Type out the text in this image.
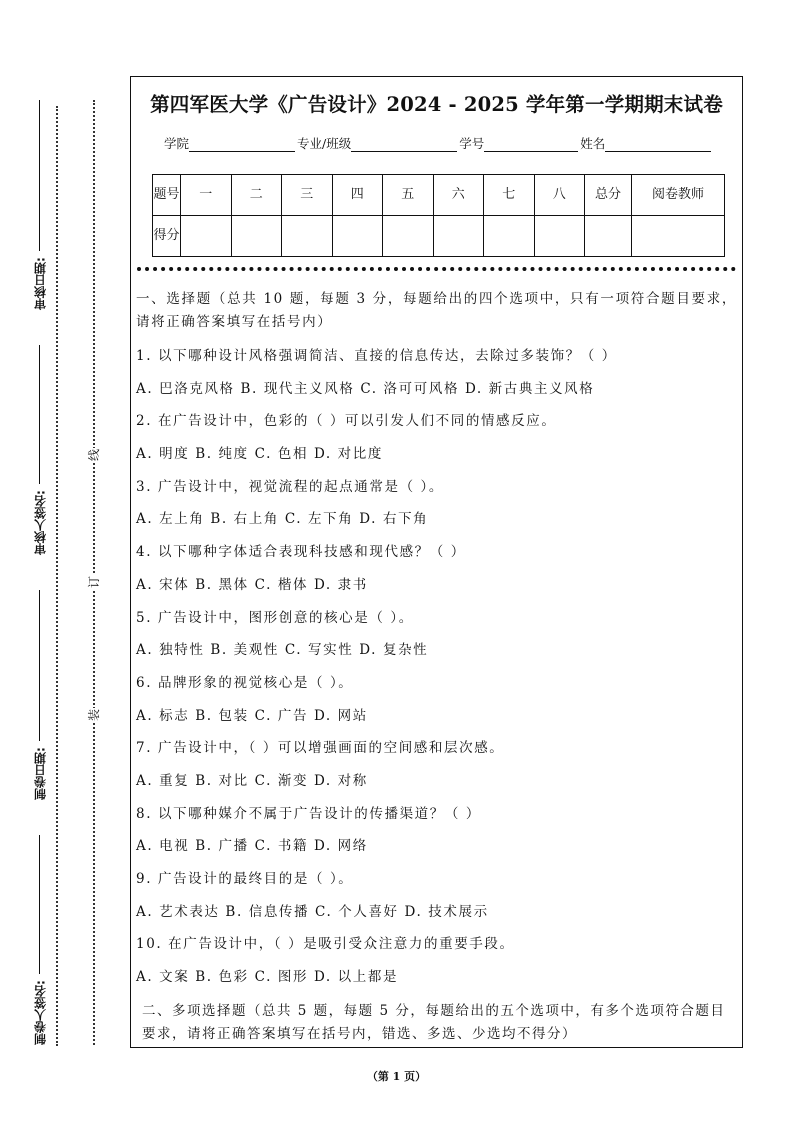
制卷人签名:
制卷日期:
审核人签名:
审核日期:
线
订
装
第四军医大学《广告设计》2024 - 2025 学年第一学期期末试卷
学院	专业/班级	学号	姓名
题号	一	二	三	四	五	六	七	八	总分	阅卷教师
得分										
一、选择题（总共 10 题，每题 3 分，每题给出的四个选项中，只有一项符合题目要求，请将正确答案填写在括号内）
1. 以下哪种设计风格强调简洁、直接的信息传达，去除过多装饰？（ ）
A. 巴洛克风格 B. 现代主义风格 C. 洛可可风格 D. 新古典主义风格
2. 在广告设计中，色彩的（ ）可以引发人们不同的情感反应。
A. 明度 B. 纯度 C. 色相 D. 对比度
3. 广告设计中，视觉流程的起点通常是（ ）。
A. 左上角 B. 右上角 C. 左下角 D. 右下角
4. 以下哪种字体适合表现科技感和现代感？（ ）
A. 宋体 B. 黑体 C. 楷体 D. 隶书
5. 广告设计中，图形创意的核心是（ ）。
A. 独特性 B. 美观性 C. 写实性 D. 复杂性
6. 品牌形象的视觉核心是（ ）。
A. 标志 B. 包装 C. 广告 D. 网站
7. 广告设计中，（ ）可以增强画面的空间感和层次感。
A. 重复 B. 对比 C. 渐变 D. 对称
8. 以下哪种媒介不属于广告设计的传播渠道？（ ）
A. 电视 B. 广播 C. 书籍 D. 网络
9. 广告设计的最终目的是（ ）。
A. 艺术表达 B. 信息传播 C. 个人喜好 D. 技术展示
10. 在广告设计中，（ ）是吸引受众注意力的重要手段。
A. 文案 B. 色彩 C. 图形 D. 以上都是
二、多项选择题（总共 5 题，每题 5 分，每题给出的五个选项中，有多个选项符合题目要求，请将正确答案填写在括号内，错选、多选、少选均不得分）
（第 1 页）
